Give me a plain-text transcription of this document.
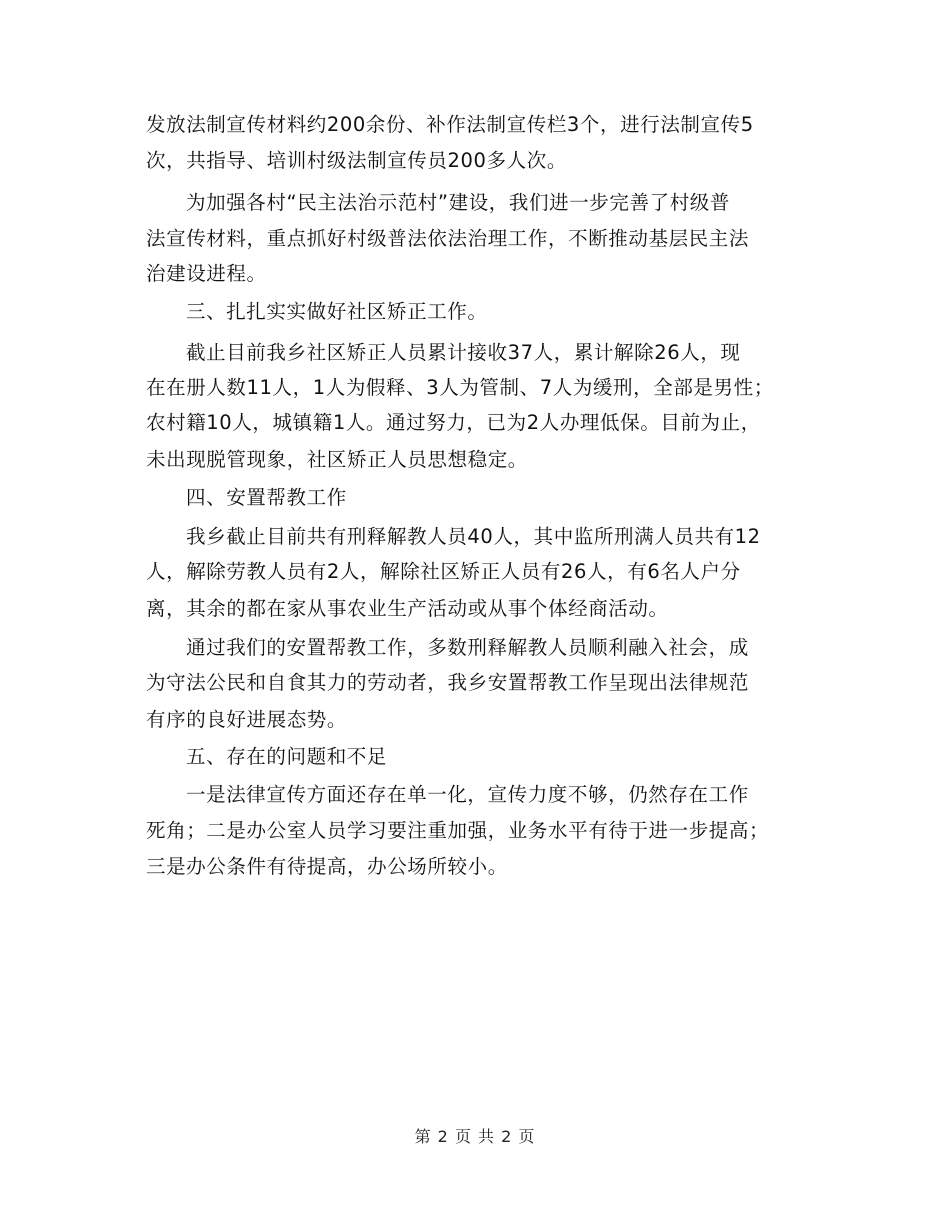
发放法制宣传材料约200余份、补作法制宣传栏3个，进行法制宣传5
次，共指导、培训村级法制宣传员200多人次。
为加强各村“民主法治示范村”建设，我们进一步完善了村级普
法宣传材料，重点抓好村级普法依法治理工作，不断推动基层民主法
治建设进程。
三、扎扎实实做好社区矫正工作。
截止目前我乡社区矫正人员累计接收37人，累计解除26人，现
在在册人数11人，1人为假释、3人为管制、7人为缓刑，全部是男性；
农村籍10人，城镇籍1人。通过努力，已为2人办理低保。目前为止，
未出现脱管现象，社区矫正人员思想稳定。
四、安置帮教工作
我乡截止目前共有刑释解教人员40人，其中监所刑满人员共有12
人，解除劳教人员有2人，解除社区矫正人员有26人，有6名人户分
离，其余的都在家从事农业生产活动或从事个体经商活动。
通过我们的安置帮教工作，多数刑释解教人员顺利融入社会，成
为守法公民和自食其力的劳动者，我乡安置帮教工作呈现出法律规范
有序的良好进展态势。
五、存在的问题和不足
一是法律宣传方面还存在单一化，宣传力度不够，仍然存在工作
死角；二是办公室人员学习要注重加强，业务水平有待于进一步提高；
三是办公条件有待提高，办公场所较小。
第 2 页 共 2 页
